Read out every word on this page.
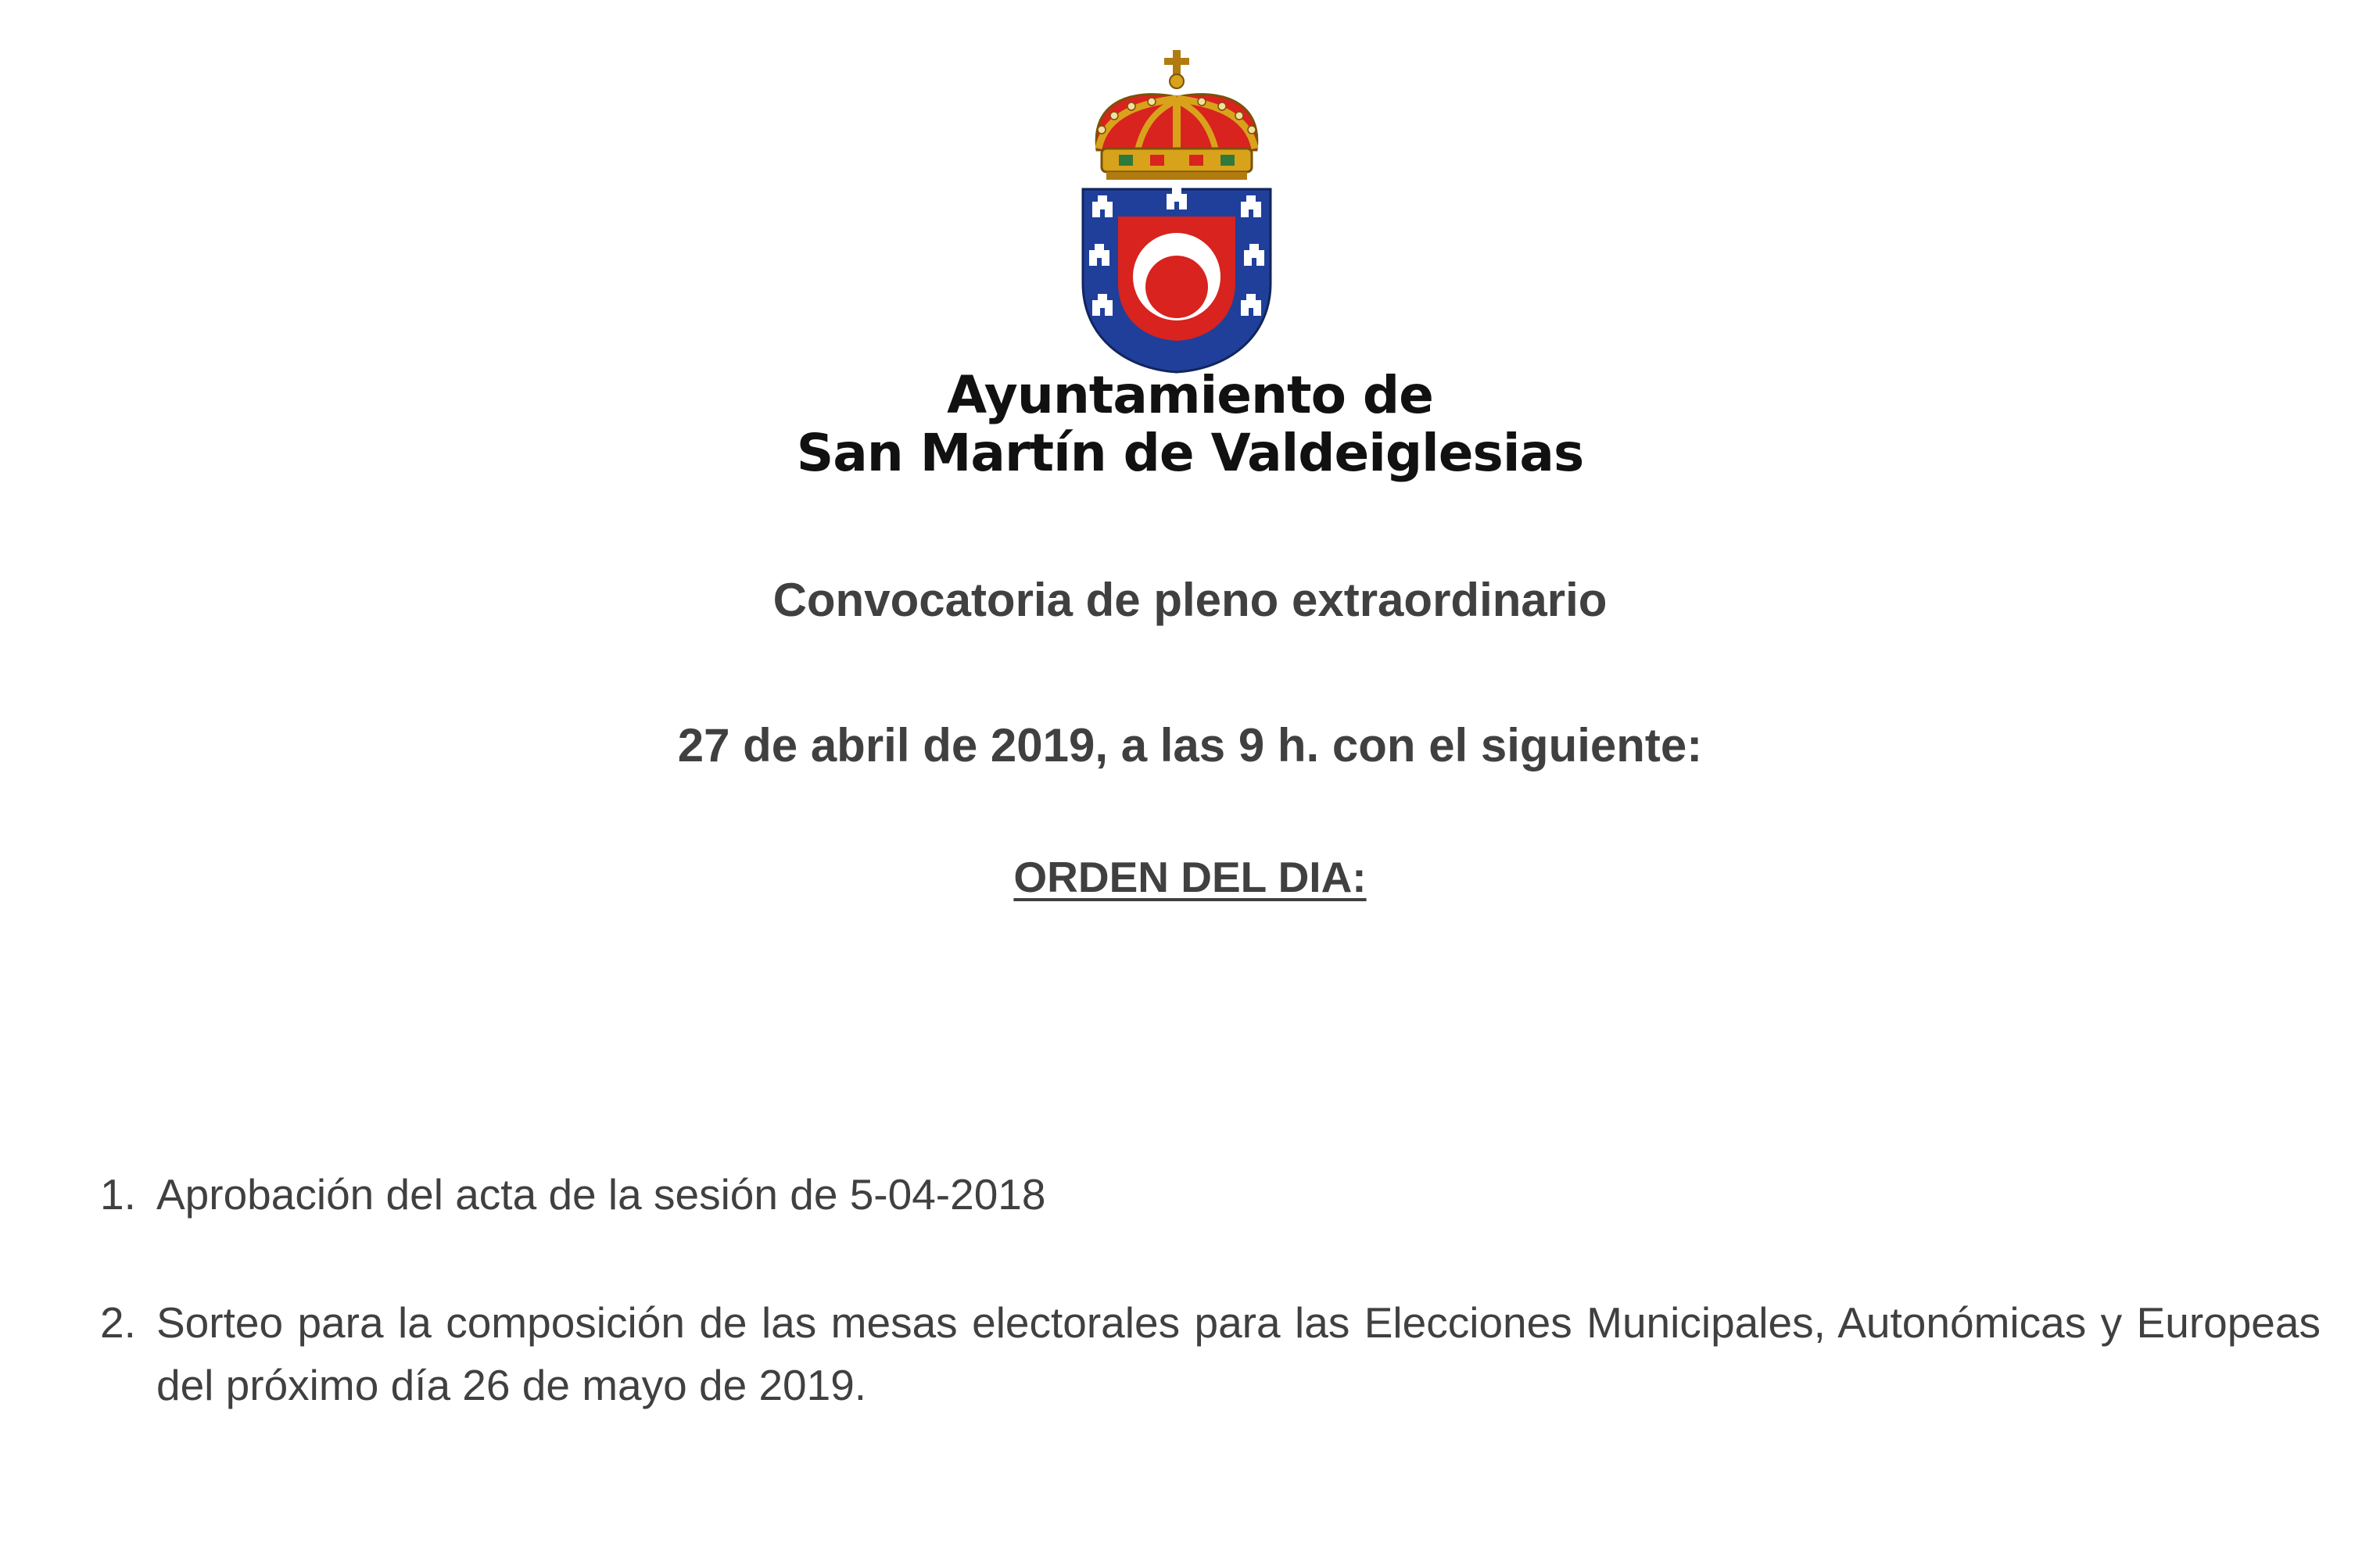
Ayuntamiento de
San Martín de Valdeiglesias
Convocatoria de pleno extraordinario
27 de abril de 2019, a las 9 h. con el siguiente:
ORDEN DEL DIA:
1. Aprobación del acta de la sesión de 5-04-2018
2. Sorteo para la composición de las mesas electorales para las Elecciones Municipales, Autonómicas y Europeas del próximo día 26 de mayo de 2019.
